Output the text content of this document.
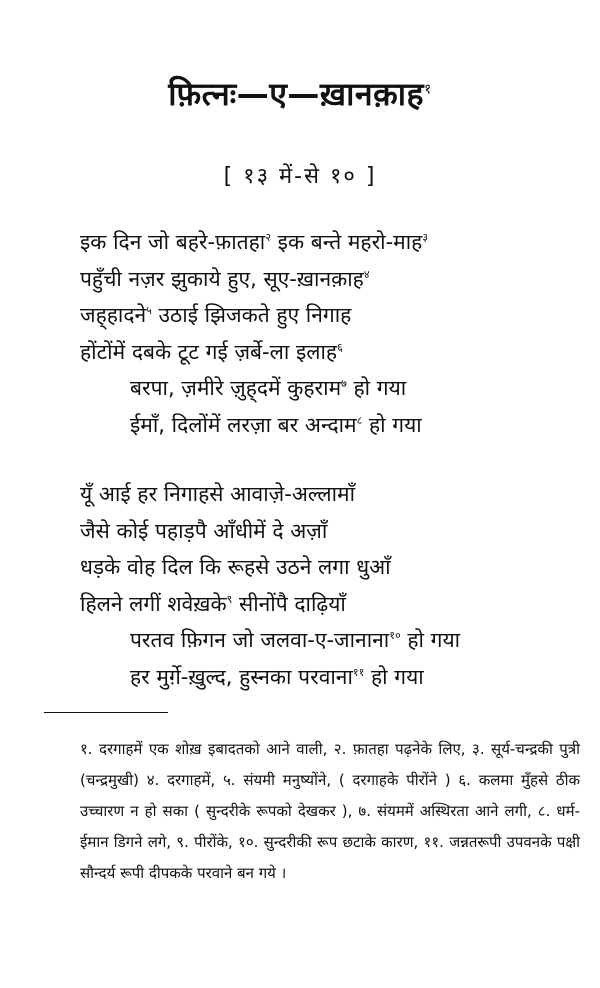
फ़ित्नः—ए—ख़ानक़ाह$^१$
[ १३ में-से १० ]
इक दिन जो बहरे-फ़ातहा$^२$ इक बन्ते महरो-माह$^३$
पहुँची नज़र झुकाये हुए, सूए-ख़ानक़ाह$^४$
जह्‌हादने$^५$ उठाई झिजकते हुए निगाह
होंटोंमें दबके टूट गई ज़र्बे-ला इलाह$^६$
बरपा, ज़मीरे ज़ुह्‌दमें कुहराम$^७$ हो गया
ईमाँ, दिलोंमें लरज़ा बर अन्दाम$^८$ हो गया
यूँ आई हर निगाहसे आवाज़े-अल्लामाँ
जैसे कोई पहाड़पै आँधीमें दे अज़ाँ
धड़के वोह दिल कि रूहसे उठने लगा धुआँ
हिलने लगीं शवेख़के$^९$ सीनोंपै दाढ़ियाँ
परतव फ़िगन जो जलवा-ए-जानाना$^{१०}$ हो गया
हर मुर्ग़े-ख़ुल्द, हुस्नका परवाना$^{११}$ हो गया
१. दरगाहमें एक शोख़ इबादतको आने वाली, २. फ़ातहा पढ़नेके लिए, ३. सूर्य-चन्द्रकी पुत्री (चन्द्रमुखी) ४. दरगाहमें, ५. संयमी मनुष्योंने, ( दरगाहके पीरोंने ) ६. कलमा मुँहसे ठीक उच्चारण न हो सका ( सुन्दरीके रूपको देखकर ), ७. संयममें अस्थिरता आने लगी, ८. धर्म-ईमान डिगने लगे, ९. पीरोंके, १०. सुन्दरीकी रूप छटाके कारण, ११. जन्नतरूपी उपवनके पक्षी सौन्दर्य रूपी दीपकके परवाने बन गये ।
